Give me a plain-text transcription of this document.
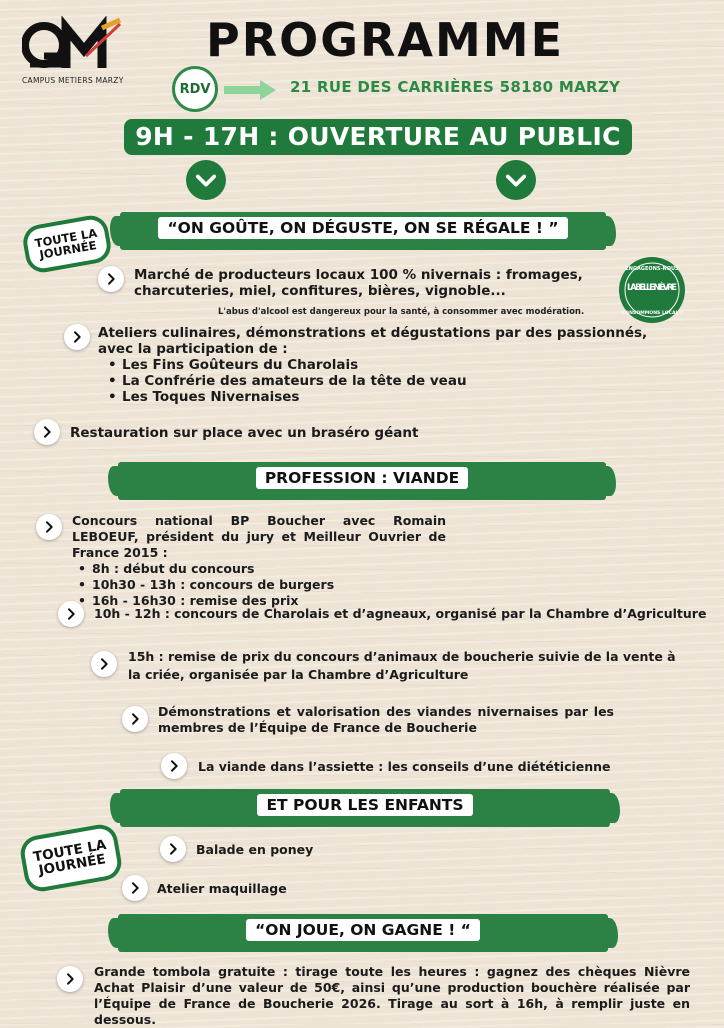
CAMPUS METIERS MARZY
PROGRAMME
RDV	21 RUE DES CARRIÈRES 58180 MARZY
9H - 17H : OUVERTURE AU PUBLIC
TOUTE LA JOURNÉE
“ON GOÛTE, ON DÉGUSTE, ON SE RÉGALE ! ”
Marché de producteurs locaux 100 % nivernais : fromages, charcuteries, miel, confitures, bières, vignoble...
L'abus d'alcool est dangereux pour la santé, à consommer avec modération.
ENGAGEONS-NOUS
LA BELLE NIÈVRE
CONSOMMONS LOCAL !
Ateliers culinaires, démonstrations et dégustations par des passionnés, avec la participation de :
• Les Fins Goûteurs du Charolais
• La Confrérie des amateurs de la tête de veau
• Les Toques Nivernaises
Restauration sur place avec un braséro géant
PROFESSION : VIANDE
Concours national BP Boucher avec Romain LEBOEUF, président du jury et Meilleur Ouvrier de France 2015 :
• 8h : début du concours
• 10h30 - 13h : concours de burgers
• 16h - 16h30 : remise des prix
10h - 12h : concours de Charolais et d’agneaux, organisé par la Chambre d’Agriculture
15h : remise de prix du concours d’animaux de boucherie suivie de la vente à la criée, organisée par la Chambre d’Agriculture
Démonstrations et valorisation des viandes nivernaises par les membres de l’Équipe de France de Boucherie
La viande dans l’assiette : les conseils d’une diététicienne
ET POUR LES ENFANTS
TOUTE LA JOURNÉE
Balade en poney
Atelier maquillage
“ON JOUE, ON GAGNE ! “
Grande tombola gratuite : tirage toute les heures : gagnez des chèques Nièvre Achat Plaisir d’une valeur de 50€, ainsi qu’une production bouchère réalisée par l’Équipe de France de Boucherie 2026. Tirage au sort à 16h, à remplir juste en dessous.
